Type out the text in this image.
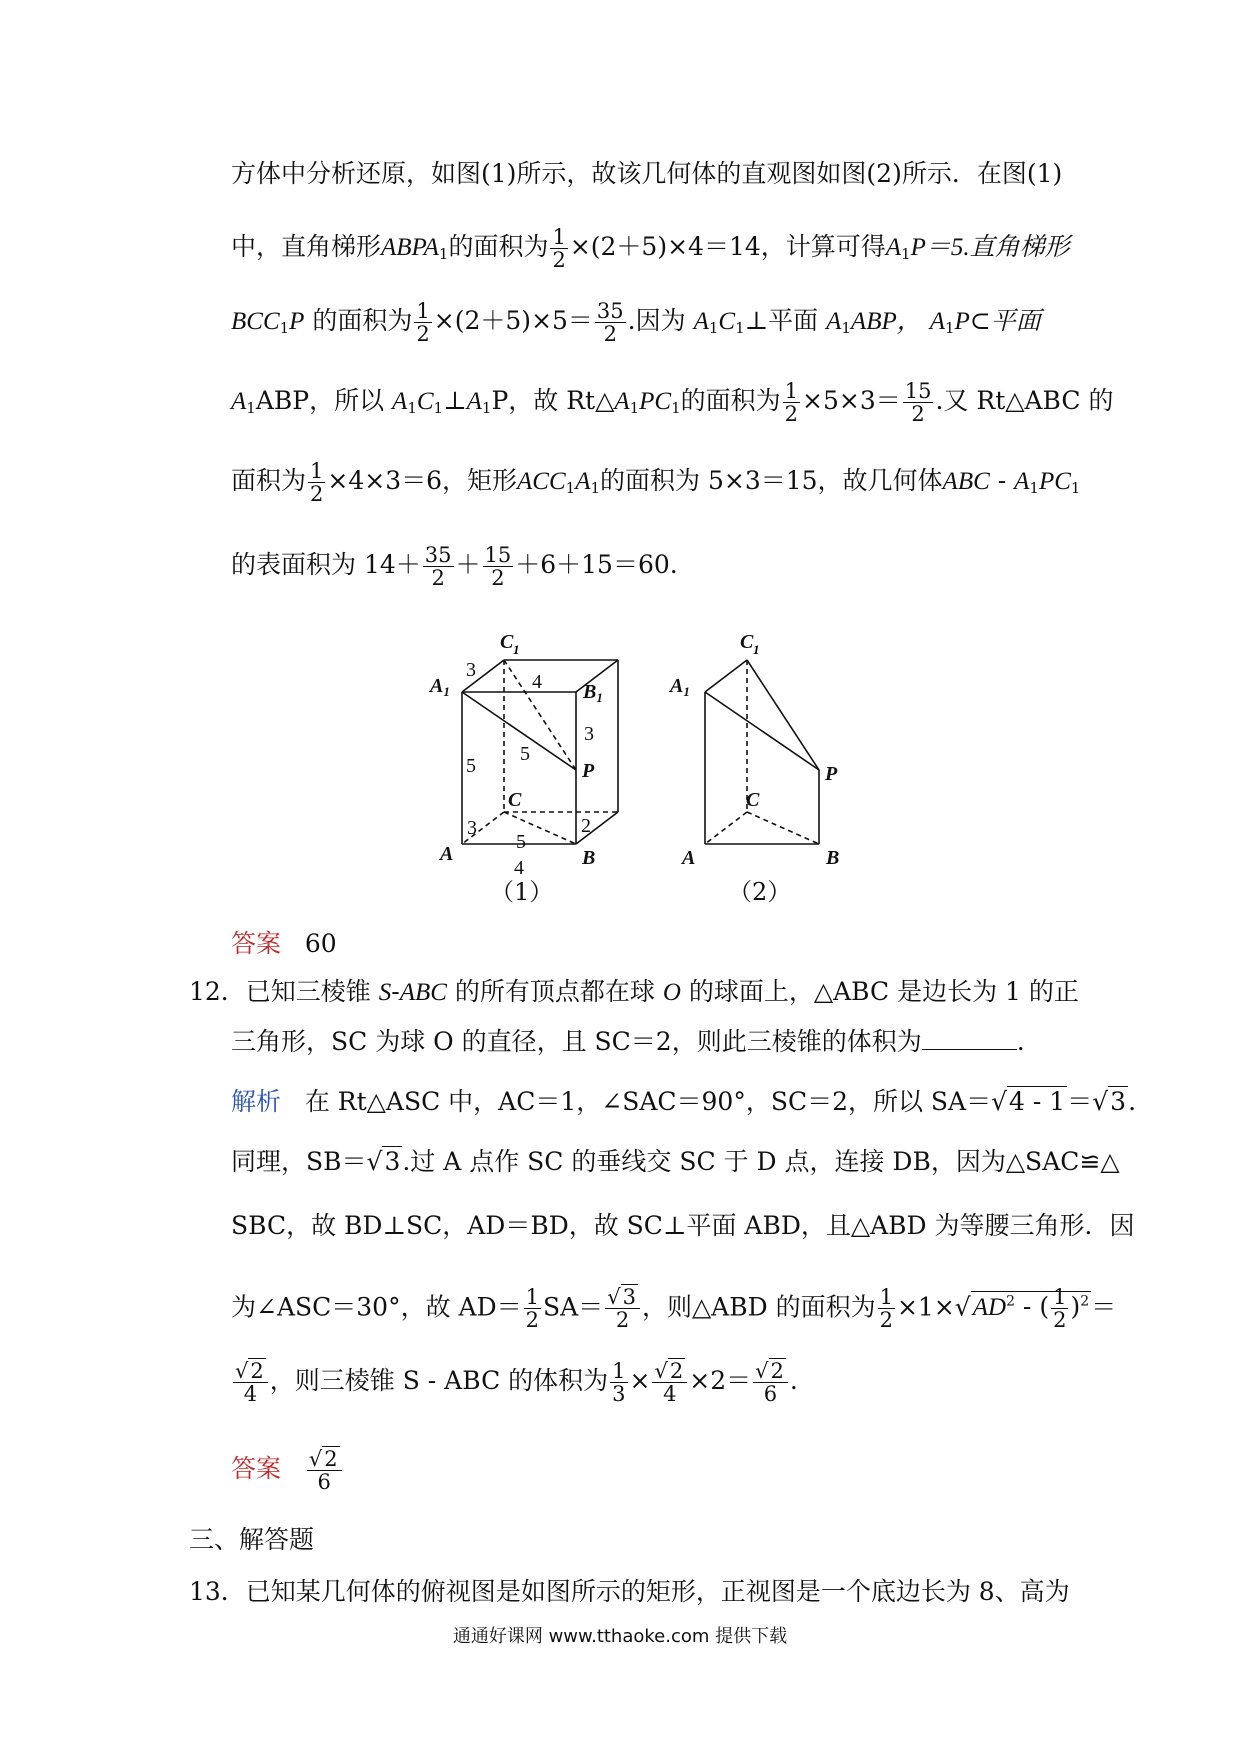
方体中分析还原，如图(1)所示，故该几何体的直观图如图(2)所示．在图(1)
中，直角梯形$ABPA_1$的面积为 $\frac{1}{2} \times(2+5)\times 4=14$，计算可得$A_1P=5$.直角梯形
$BCC_1P$ 的面积为 $\frac{1}{2} \times(2+5)\times 5= \frac{35}{2}$ .因为 $A_1C_1\perp$平面 $A_1ABP$， $A_1P\subset$平面
$A_1ABP$，所以 $A_1C_1\perp A_1P$，故 $Rt\triangle A_1PC_1$的面积为 $\frac{1}{2} \times 5\times 3= \frac{15}{2}$ .又 Rt△ABC 的
面积为 $\frac{1}{2} \times 4\times 3=6$，矩形$ACC_1A_1$的面积为 5×3＝15，故几何体ABC - $A_1PC_1$
的表面积为 $14+ \frac{35}{2} + \frac{15}{2} +6+15=60$.
C
$A_1$	$B_1$
P
C
A	B
C
$A_1$
P
C
A	B
1	1
3
4
3
5
5
3
5
2
4
（1）	（2）
答案 60
12．已知三棱锥 S-ABC 的所有顶点都在球 O 的球面上，△ABC 是边长为 1 的正
三角形，SC 为球 O 的直径，且 SC＝2，则此三棱锥的体积为	.
解析 在 Rt△ASC 中，AC＝1，∠SAC＝90°，SC＝2，所以 SA＝√4 - 1＝√3.
同理，SB＝√3.过 A 点作 SC 的垂线交 SC 于 D 点，连接 DB，因为△SAC≌△
SBC，故 BD⊥SC，AD＝BD，故 SC⊥平面 ABD，且△ABD 为等腰三角形．因
为∠ASC＝30°，故 $AD= \frac{1}{2} SA= \frac{√3}{2}$ ，则△ABD 的面积为 $\frac{1}{2} \times 1\times√AD^2$ - ( $\frac{1}{2} )^2=$
$\frac{√2}{4}$ ，则三棱锥 S - ABC 的体积为 $\frac{1}{3} \times \frac{√2}{4} \times 2= \frac{√2}{6}$ .
答案 $\frac{√2}{6}$
三、解答题
13．已知某几何体的俯视图是如图所示的矩形，正视图是一个底边长为 8、高为
通通好课网 www.tthaoke.com 提供下载
